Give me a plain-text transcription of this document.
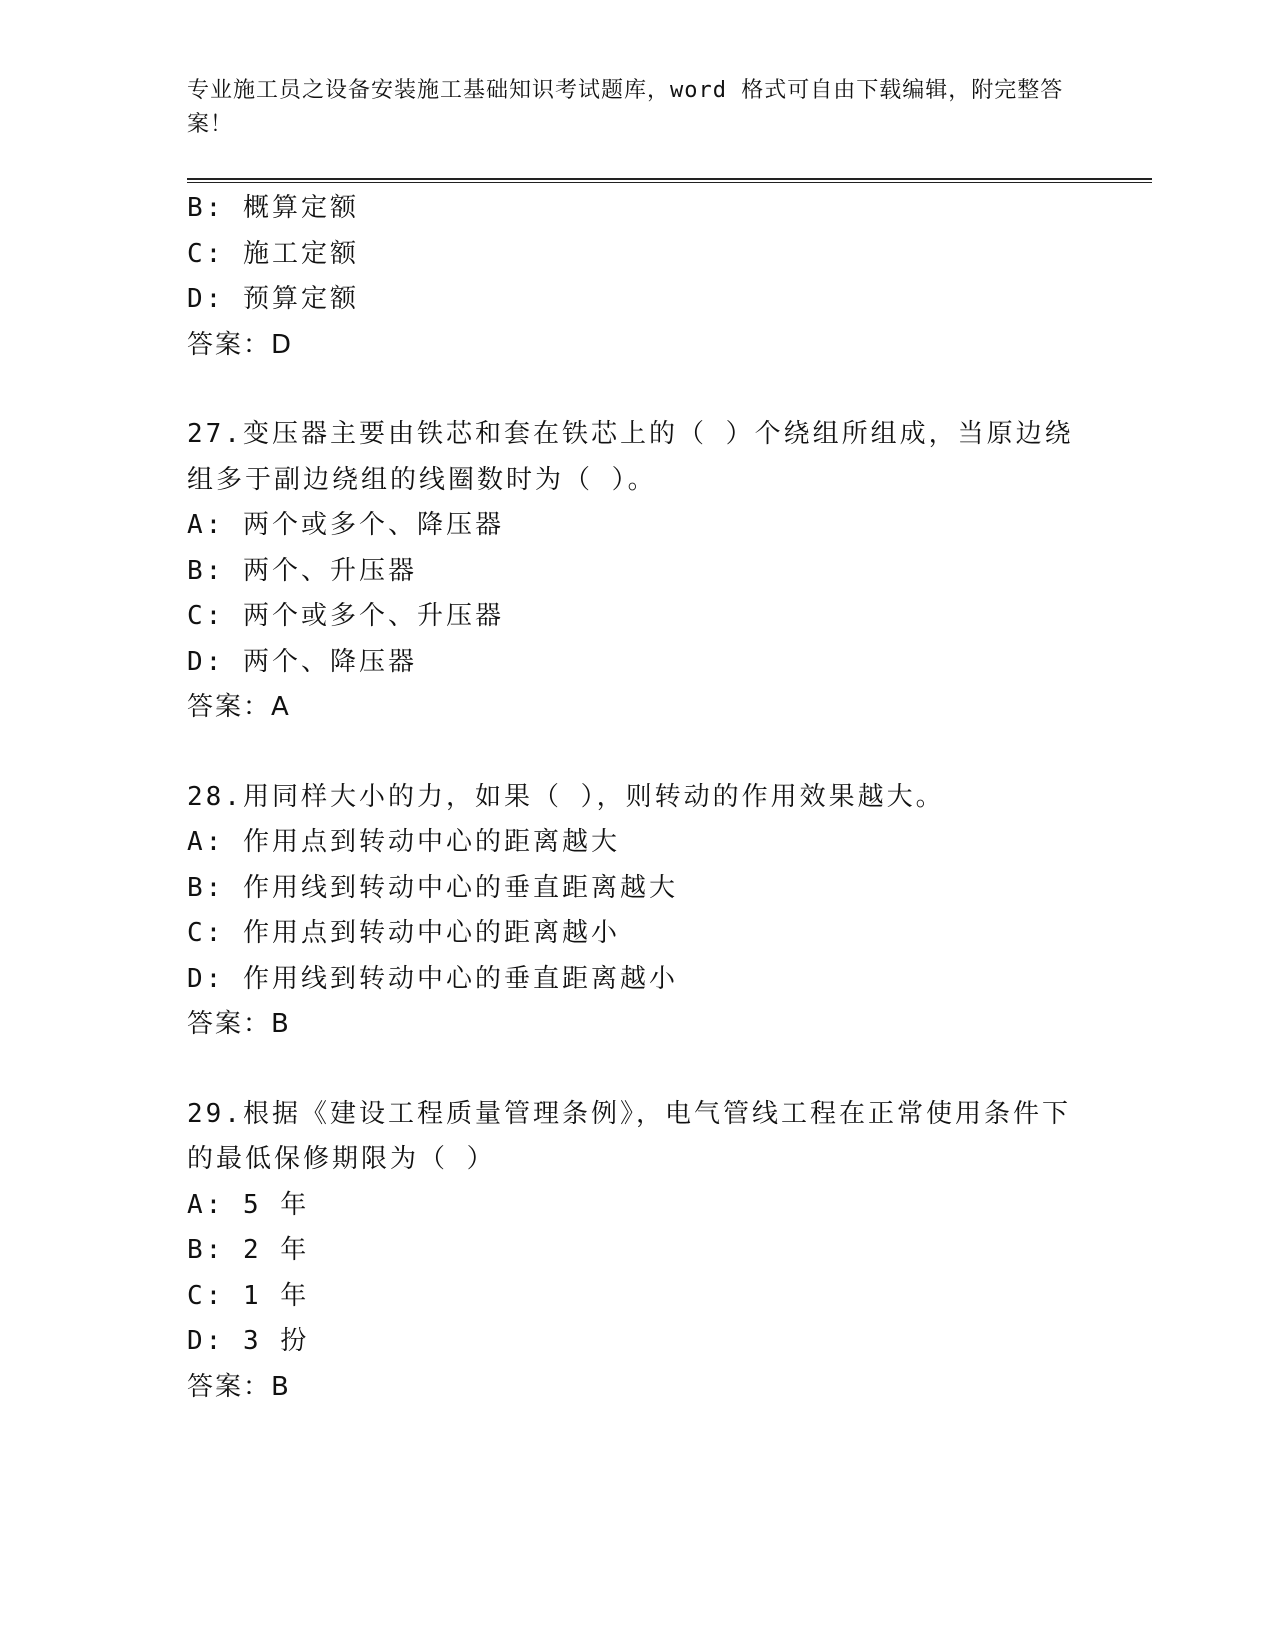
专业施工员之设备安装施工基础知识考试题库，word 格式可自由下载编辑，附完整答案！
B: 概算定额
C: 施工定额
D: 预算定额
答案：D
27.变压器主要由铁芯和套在铁芯上的（ ）个绕组所组成，当原边绕
组多于副边绕组的线圈数时为（ ）。
A: 两个或多个、降压器
B: 两个、升压器
C: 两个或多个、升压器
D: 两个、降压器
答案：A
28.用同样大小的力，如果（ ），则转动的作用效果越大。
A: 作用点到转动中心的距离越大
B: 作用线到转动中心的垂直距离越大
C: 作用点到转动中心的距离越小
D: 作用线到转动中心的垂直距离越小
答案：B
29.根据《建设工程质量管理条例》，电气管线工程在正常使用条件下
的最低保修期限为（ ）
A: 5 年
B: 2 年
C: 1 年
D: 3 扮
答案：B
